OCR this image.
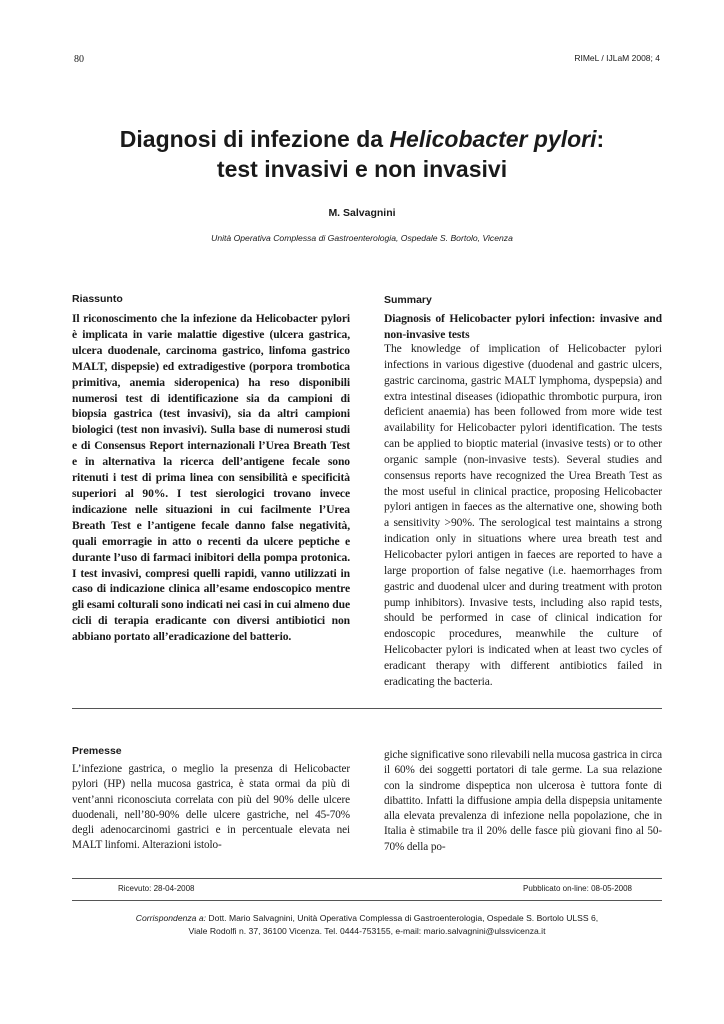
80	RIMeL / IJLaM 2008; 4
Diagnosi di infezione da Helicobacter pylori:
test invasivi e non invasivi
M. Salvagnini
Unità Operativa Complessa di Gastroenterologia, Ospedale S. Bortolo, Vicenza
Riassunto

Il riconoscimento che la infezione da Helicobacter pylori è implicata in varie malattie digestive (ulcera gastrica, ulcera duodenale, carcinoma gastrico, linfoma gastrico MALT, dispepsie) ed extradigestive (porpora trombotica primitiva, anemia sideropenica) ha reso disponibili numerosi test di identificazione sia da campioni di biopsia gastrica (test invasivi), sia da altri campioni biologici (test non invasivi). Sulla base di numerosi studi e di Consensus Report internazionali l’Urea Breath Test e in alternativa la ricerca dell’antigene fecale sono ritenuti i test di prima linea con sensibilità e specificità superiori al 90%. I test sierologici trovano invece indicazione nelle situazioni in cui facilmente l’Urea Breath Test e l’antigene fecale danno false negatività, quali emorragie in atto o recenti da ulcere peptiche e durante l’uso di farmaci inibitori della pompa protonica. I test invasivi, compresi quelli rapidi, vanno utilizzati in caso di indicazione clinica all’esame endoscopico mentre gli esami colturali sono indicati nei casi in cui almeno due cicli di terapia eradicante con diversi antibiotici non abbiano portato all’eradicazione del batterio.

Summary

Diagnosis of Helicobacter pylori infection: invasive and non-invasive tests

The knowledge of implication of Helicobacter pylori infections in various digestive (duodenal and gastric ulcers, gastric carcinoma, gastric MALT lymphoma, dyspepsia) and extra intestinal diseases (idiopathic thrombotic purpura, iron deficient anaemia) has been followed from more wide test availability for Helicobacter pylori identification. The tests can be applied to bioptic material (invasive tests) or to other organic sample (non-invasive tests). Several studies and consensus reports have recognized the Urea Breath Test as the most useful in clinical practice, proposing Helicobacter pylori antigen in faeces as the alternative one, showing both a sensitivity >90%. The serological test maintains a strong indication only in situations where urea breath test and Helicobacter pylori antigen in faeces are reported to have a large proportion of false negative (i.e. haemorrhages from gastric and duodenal ulcer and during treatment with proton pump inhibitors). Invasive tests, including also rapid tests, should be performed in case of clinical indication for endoscopic procedures, meanwhile the culture of Helicobacter pylori is indicated when at least two cycles of eradicant therapy with different antibiotics failed in eradicating the bacteria.

Premesse

L’infezione gastrica, o meglio la presenza di Helicobacter pylori (HP) nella mucosa gastrica, è stata ormai da più di vent’anni riconosciuta correlata con più del 90% delle ulcere duodenali, nell’80-90% delle ulcere gastriche, nel 45-70% degli adenocarcinomi gastrici e in percentuale elevata nei MALT linfomi. Alterazioni istolo-

giche significative sono rilevabili nella mucosa gastrica in circa il 60% dei soggetti portatori di tale germe. La sua relazione con la sindrome dispeptica non ulcerosa è tuttora fonte di dibattito. Infatti la diffusione ampia della dispepsia unitamente alla elevata prevalenza di infezione nella popolazione, che in Italia è stimabile tra il 20% delle fasce più giovani fino al 50-70% della po-

Ricevuto: 28-04-2008	Pubblicato on-line: 08-05-2008
Corrispondenza a: Dott. Mario Salvagnini, Unità Operativa Complessa di Gastroenterologia, Ospedale S. Bortolo ULSS 6,
Viale Rodolfi n. 37, 36100 Vicenza. Tel. 0444-753155, e-mail: mario.salvagnini@ulssvicenza.it
